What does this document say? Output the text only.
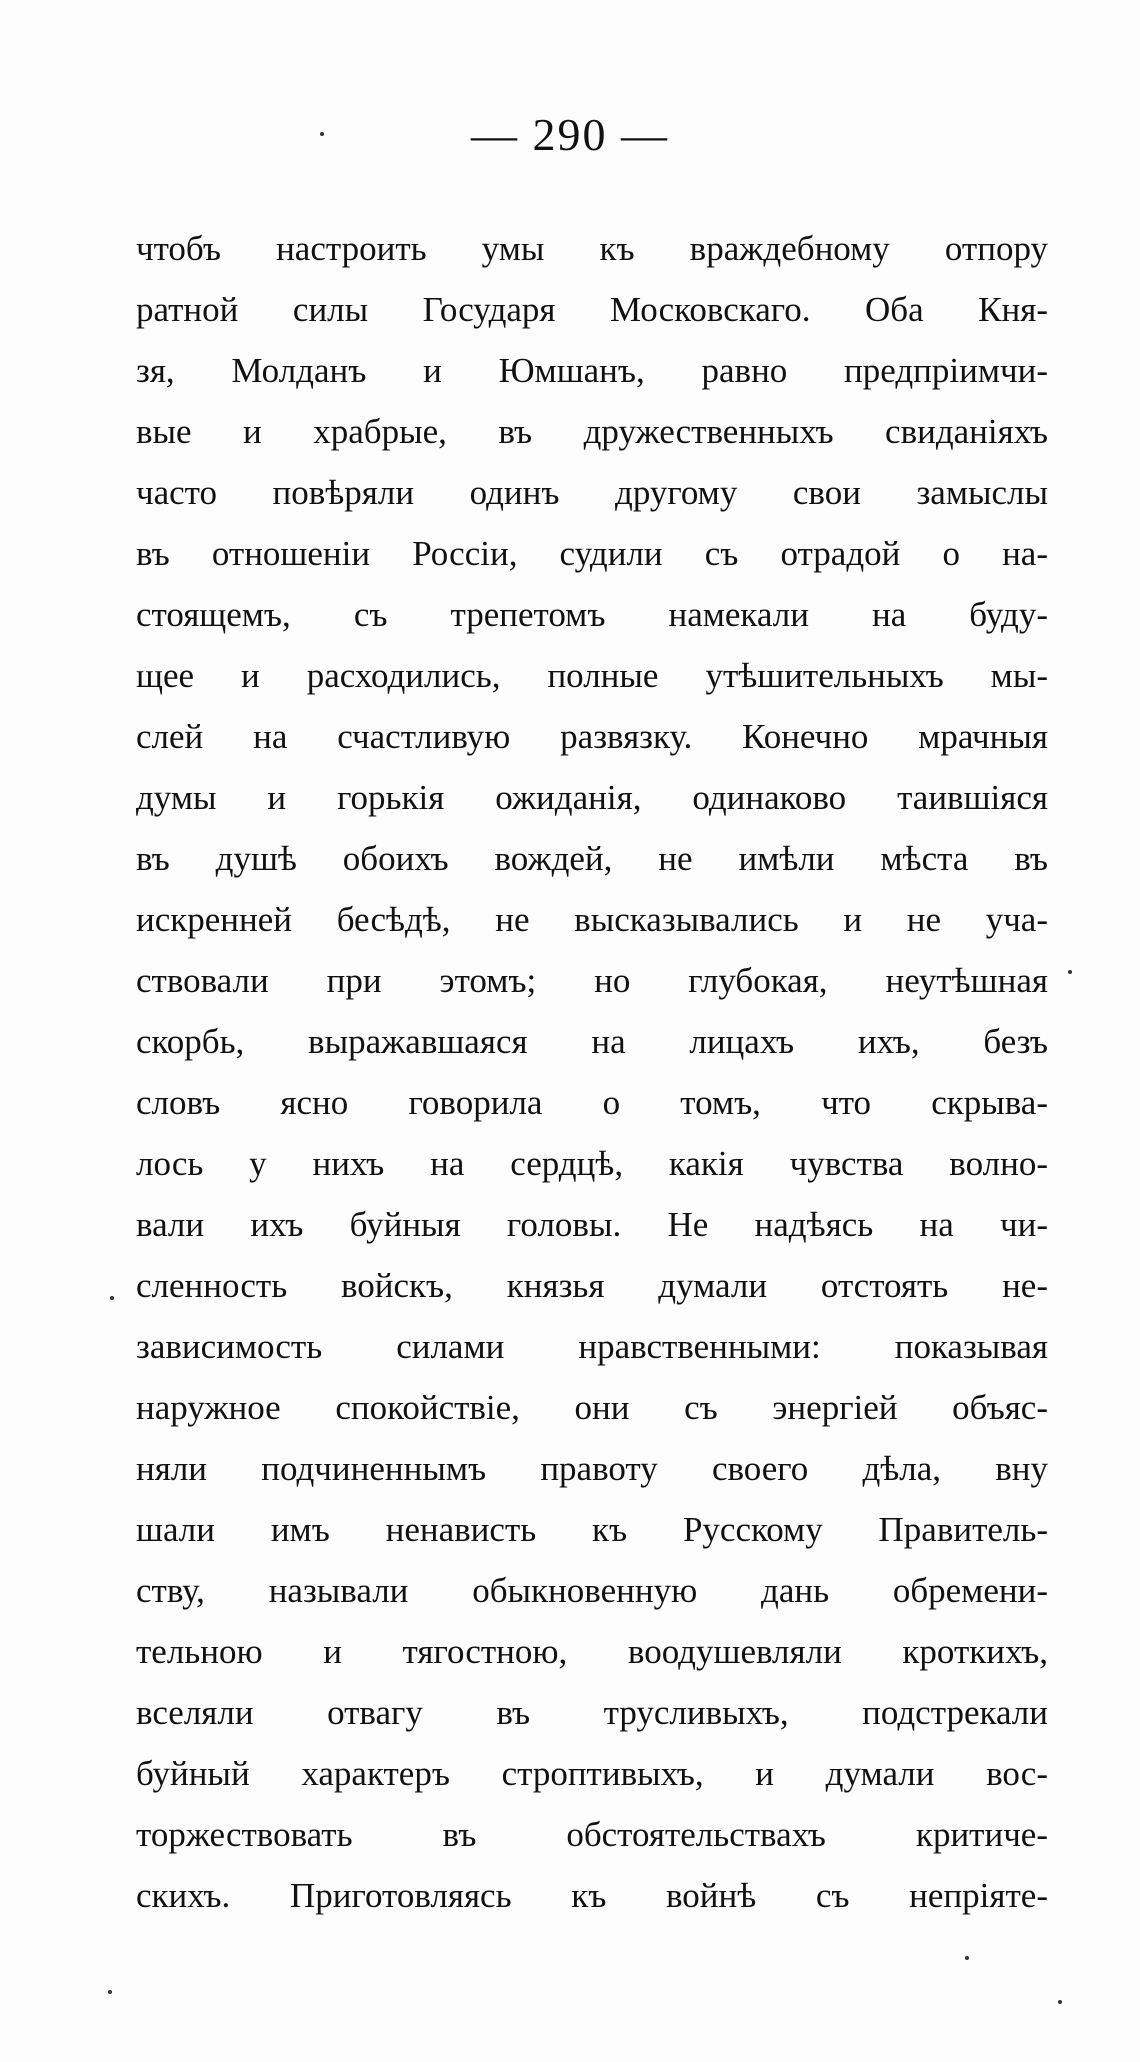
— 290 —
чтобъ настроить умы къ враждебному отпору
ратной силы Государя Московскаго. Оба Кня-
зя, Молданъ и Юмшанъ, равно предпріимчи-
вые и храбрые, въ дружественныхъ свиданіяхъ
часто повѣряли одинъ другому свои замыслы
въ отношеніи Россіи, судили съ отрадой о на-
стоящемъ, съ трепетомъ намекали на буду-
щее и расходились, полные утѣшительныхъ мы-
слей на счастливую развязку. Конечно мрачныя
думы и горькія ожиданія, одинаково таившіяся
въ душѣ обоихъ вождей, не имѣли мѣста въ
искренней бесѣдѣ, не высказывались и не уча-
ствовали при этомъ; но глубокая, неутѣшная
скорбь, выражавшаяся на лицахъ ихъ, безъ
словъ ясно говорила о томъ, что скрыва-
лось у нихъ на сердцѣ, какія чувства волно-
вали ихъ буйныя головы. Не надѣясь на чи-
сленность войскъ, князья думали отстоять не-
зависимость силами нравственными: показывая
наружное спокойствіе, они съ энергіей объяс-
няли подчиненнымъ правоту своего дѣла, вну
шали имъ ненависть къ Русскому Правитель-
ству, называли обыкновенную дань обремени-
тельною и тягостною, воодушевляли кроткихъ,
вселяли отвагу въ трусливыхъ, подстрекали
буйный характеръ строптивыхъ, и думали вос-
торжествовать въ обстоятельствахъ критиче-
скихъ. Приготовляясь къ войнѣ съ непріяте-
